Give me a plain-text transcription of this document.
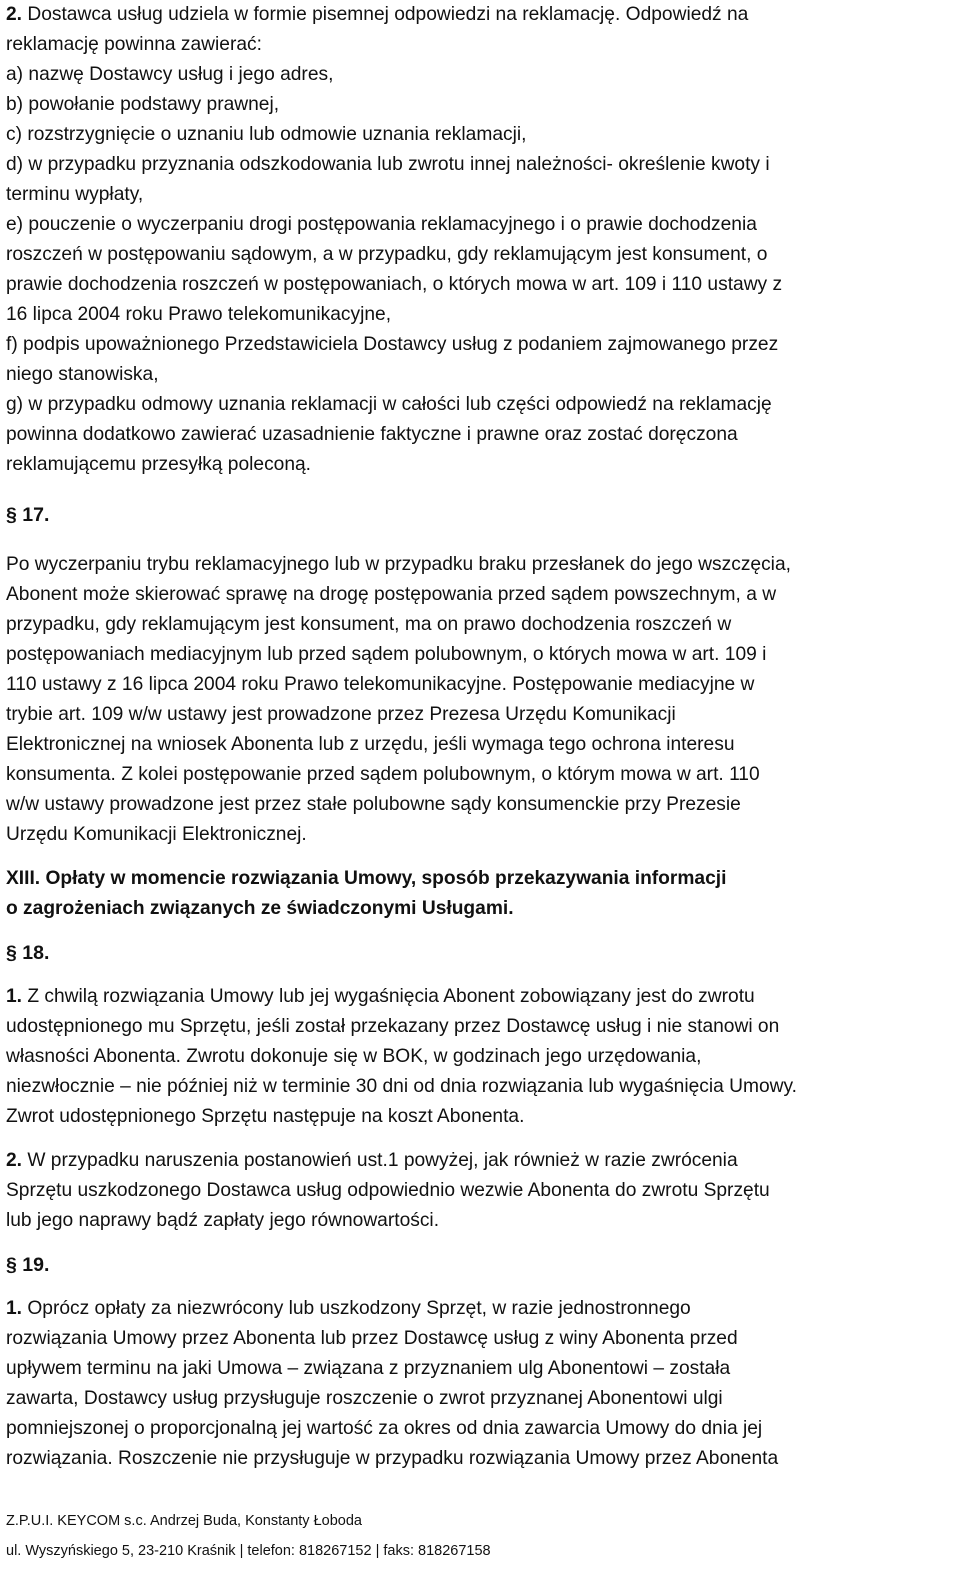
2. Dostawca usług udziela w formie pisemnej odpowiedzi na reklamację. Odpowiedź na
reklamację powinna zawierać:
a) nazwę Dostawcy usług i jego adres,
b) powołanie podstawy prawnej,
c) rozstrzygnięcie o uznaniu lub odmowie uznania reklamacji,
d) w przypadku przyznania odszkodowania lub zwrotu innej należności- określenie kwoty i
terminu wypłaty,
e) pouczenie o wyczerpaniu drogi postępowania reklamacyjnego i o prawie dochodzenia
roszczeń w postępowaniu sądowym, a w przypadku, gdy reklamującym jest konsument, o
prawie dochodzenia roszczeń w postępowaniach, o których mowa w art. 109 i 110 ustawy z
16 lipca 2004 roku Prawo telekomunikacyjne,
f) podpis upoważnionego Przedstawiciela Dostawcy usług z podaniem zajmowanego przez
niego stanowiska,
g) w przypadku odmowy uznania reklamacji w całości lub części odpowiedź na reklamację
powinna dodatkowo zawierać uzasadnienie faktyczne i prawne oraz zostać doręczona
reklamującemu przesyłką poleconą.
§ 17.
Po wyczerpaniu trybu reklamacyjnego lub w przypadku braku przesłanek do jego wszczęcia,
Abonent może skierować sprawę na drogę postępowania przed sądem powszechnym, a w
przypadku, gdy reklamującym jest konsument, ma on prawo dochodzenia roszczeń w
postępowaniach mediacyjnym lub przed sądem polubownym, o których mowa w art. 109 i
110 ustawy z 16 lipca 2004 roku Prawo telekomunikacyjne. Postępowanie mediacyjne w
trybie art. 109 w/w ustawy jest prowadzone przez Prezesa Urzędu Komunikacji
Elektronicznej na wniosek Abonenta lub z urzędu, jeśli wymaga tego ochrona interesu
konsumenta. Z kolei postępowanie przed sądem polubownym, o którym mowa w art. 110
w/w ustawy prowadzone jest przez stałe polubowne sądy konsumenckie przy Prezesie
Urzędu Komunikacji Elektronicznej.
XIII. Opłaty w momencie rozwiązania Umowy, sposób przekazywania informacji
o zagrożeniach związanych ze świadczonymi Usługami.
§ 18.
1. Z chwilą rozwiązania Umowy lub jej wygaśnięcia Abonent zobowiązany jest do zwrotu
udostępnionego mu Sprzętu, jeśli został przekazany przez Dostawcę usług i nie stanowi on
własności Abonenta. Zwrotu dokonuje się w BOK, w godzinach jego urzędowania,
niezwłocznie – nie później niż w terminie 30 dni od dnia rozwiązania lub wygaśnięcia Umowy.
Zwrot udostępnionego Sprzętu następuje na koszt Abonenta.
2. W przypadku naruszenia postanowień ust.1 powyżej, jak również w razie zwrócenia
Sprzętu uszkodzonego Dostawca usług odpowiednio wezwie Abonenta do zwrotu Sprzętu
lub jego naprawy bądź zapłaty jego równowartości.
§ 19.
1. Oprócz opłaty za niezwrócony lub uszkodzony Sprzęt, w razie jednostronnego
rozwiązania Umowy przez Abonenta lub przez Dostawcę usług z winy Abonenta przed
upływem terminu na jaki Umowa – związana z przyznaniem ulg Abonentowi – została
zawarta, Dostawcy usług przysługuje roszczenie o zwrot przyznanej Abonentowi ulgi
pomniejszonej o proporcjonalną jej wartość za okres od dnia zawarcia Umowy do dnia jej
rozwiązania. Roszczenie nie przysługuje w przypadku rozwiązania Umowy przez Abonenta
Z.P.U.I. KEYCOM s.c. Andrzej Buda, Konstanty Łoboda
ul. Wyszyńskiego 5, 23-210 Kraśnik | telefon: 818267152 | faks: 818267158
